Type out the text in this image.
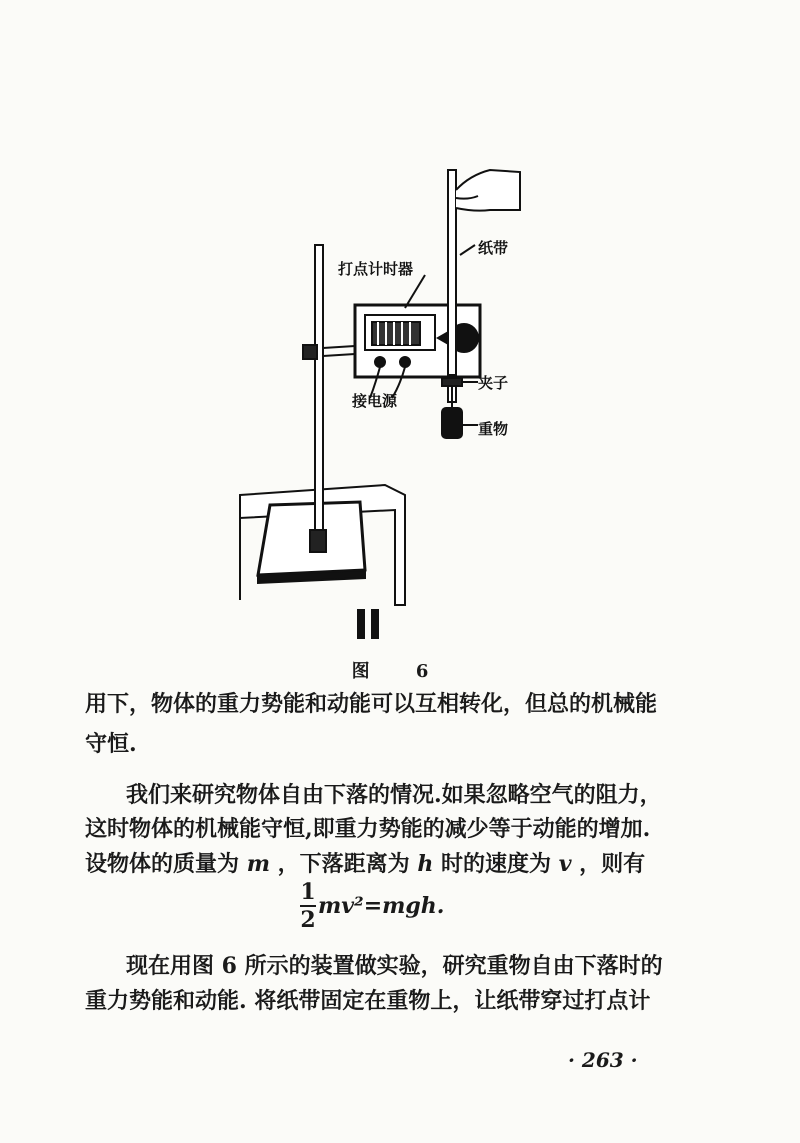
打点计时器
纸带
接电源
夹子
重物
图 6
用下，物体的重力势能和动能可以互相转化，但总的机械能
守恒.
我们来研究物体自由下落的情况.如果忽略空气的阻力，
这时物体的机械能守恒,即重力势能的减少等于动能的增加.
设物体的质量为 m ，下落距离为 h 时的速度为 v ，则有
$\frac{1}{2} mv^2=mgh$.
现在用图 6 所示的装置做实验，研究重物自由下落时的
重力势能和动能. 将纸带固定在重物上，让纸带穿过打点计
· 263 ·
